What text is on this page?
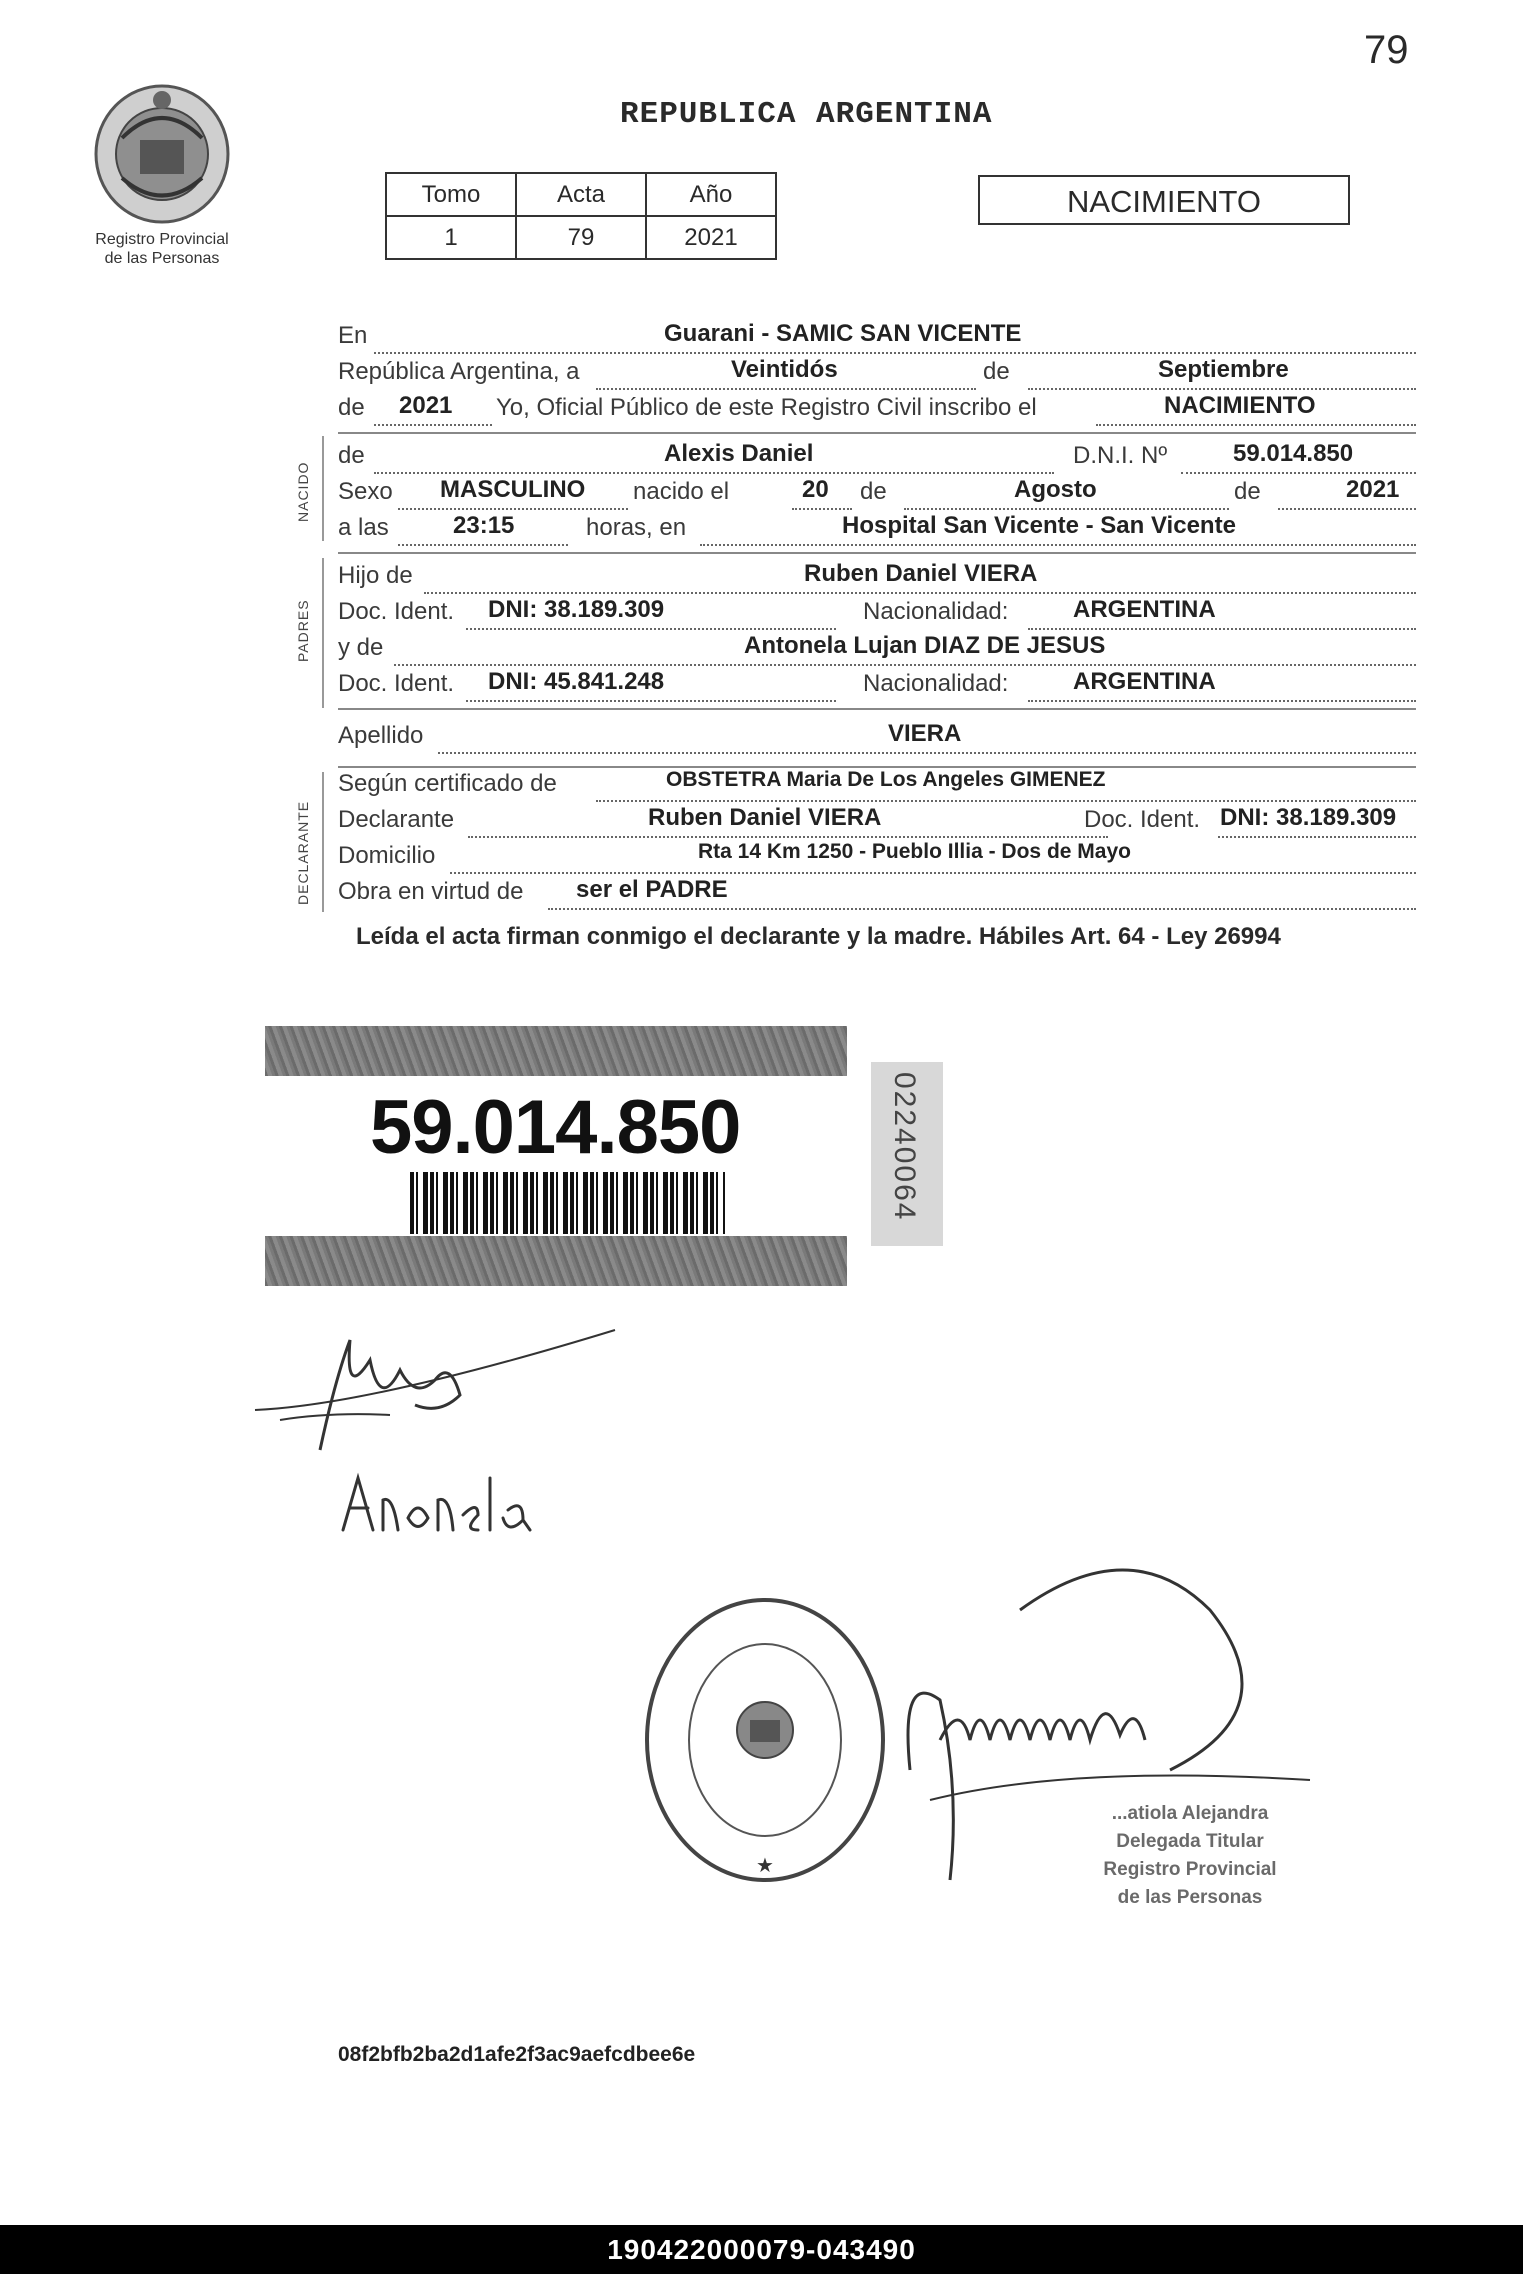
79
Registro Provincial
de las Personas
REPUBLICA ARGENTINA
Tomo	Acta	Año
1	79	2021
NACIMIENTO
En	Guarani - SAMIC SAN VICENTE
República Argentina, a	Veintidós	de	Septiembre
de 2021 Yo, Oficial Público de este Registro Civil inscribo el	NACIMIENTO
NACIDO
de	Alexis Daniel	D.N.I. Nº	59.014.850
Sexo MASCULINO nacido el	20 de	Agosto	de	2021
a las	23:15	horas, en	Hospital San Vicente - San Vicente
PADRES
Hijo de	Ruben Daniel VIERA
Doc. Ident. DNI: 38.189.309	Nacionalidad:	ARGENTINA
y de	Antonela Lujan DIAZ DE JESUS
Doc. Ident. DNI: 45.841.248	Nacionalidad:	ARGENTINA
Apellido	VIERA
DECLARANTE
Según certificado de	OBSTETRA Maria De Los Angeles GIMENEZ
Declarante	Ruben Daniel VIERA	Doc. Ident. DNI: 38.189.309
Domicilio	Rta 14 Km 1250 - Pueblo Illia - Dos de Mayo
Obra en virtud de ser el PADRE
Leída el acta firman conmigo el declarante y la madre. Hábiles Art. 64 - Ley 26994
59.014.850	02240064
★
...atiola Alejandra
Delegada Titular
Registro Provincial
de las Personas
08f2bfb2ba2d1afe2f3ac9aefcdbee6e
190422000079-043490
